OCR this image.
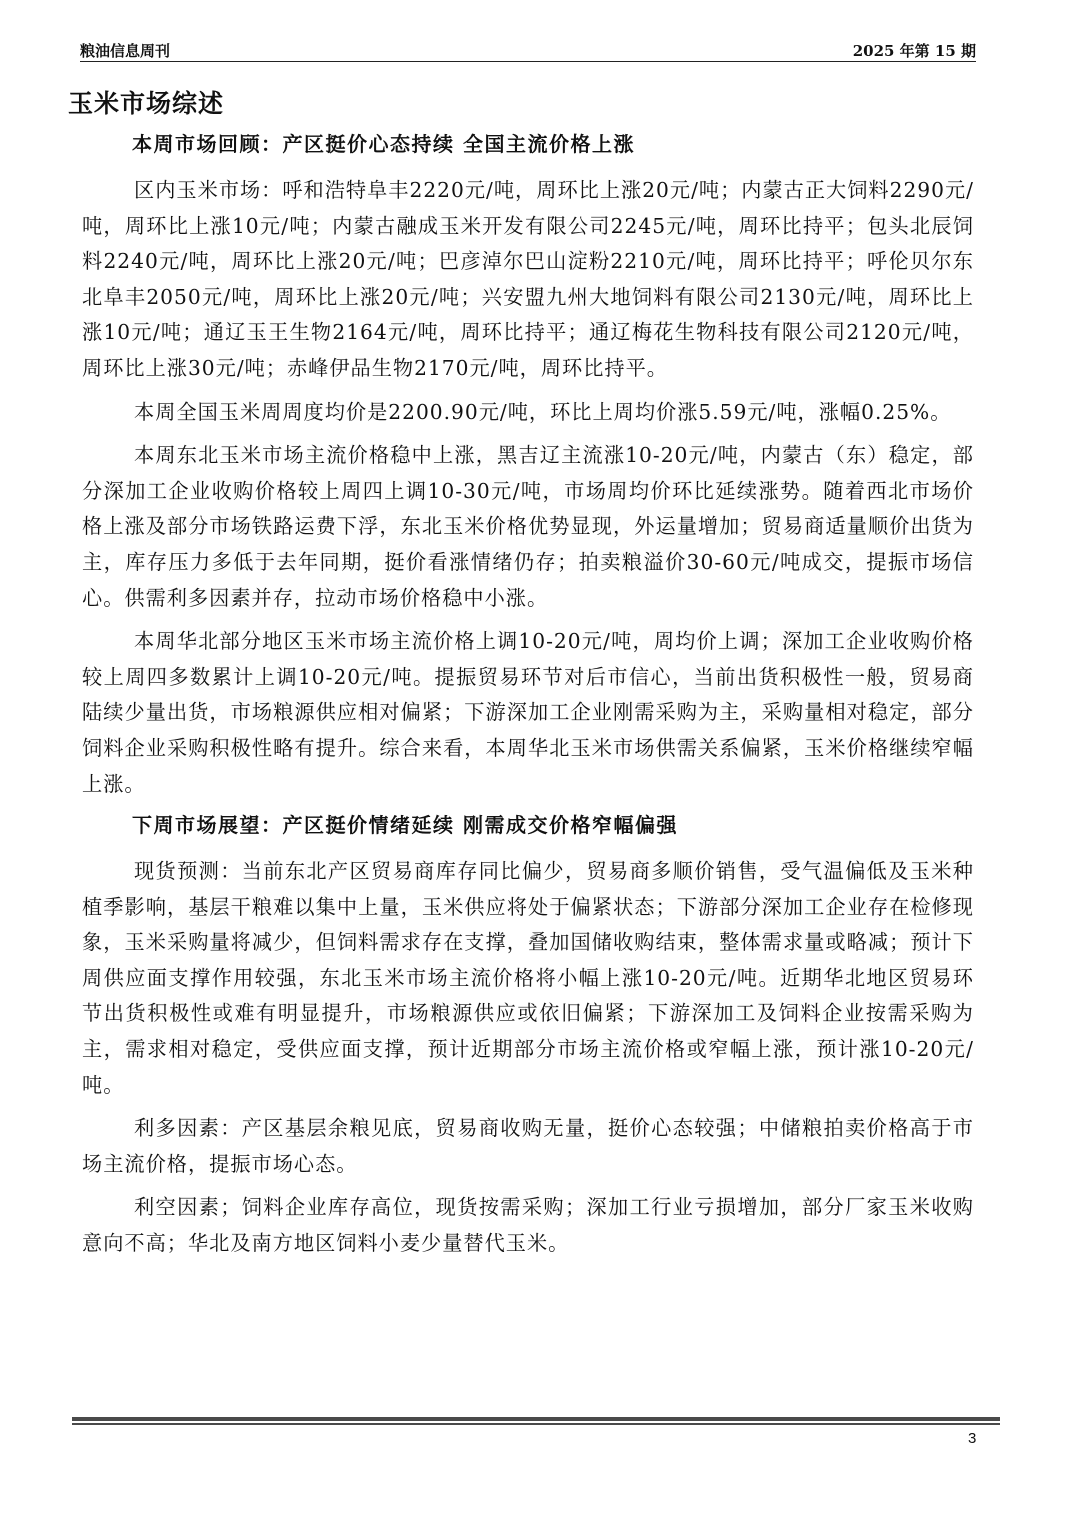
粮油信息周刊	2025 年第 15 期
玉米市场综述
本周市场回顾：产区挺价心态持续 全国主流价格上涨

区内玉米市场：呼和浩特阜丰2220元/吨，周环比上涨20元/吨；内蒙古正大饲料2290元/吨，周环比上涨10元/吨；内蒙古融成玉米开发有限公司2245元/吨，周环比持平；包头北辰饲料2240元/吨，周环比上涨20元/吨；巴彦淖尔巴山淀粉2210元/吨，周环比持平；呼伦贝尔东北阜丰2050元/吨，周环比上涨20元/吨；兴安盟九州大地饲料有限公司2130元/吨，周环比上涨10元/吨；通辽玉王生物2164元/吨，周环比持平；通辽梅花生物科技有限公司2120元/吨，周环比上涨30元/吨；赤峰伊品生物2170元/吨，周环比持平。

本周全国玉米周周度均价是2200.90元/吨，环比上周均价涨5.59元/吨，涨幅0.25%。

本周东北玉米市场主流价格稳中上涨，黑吉辽主流涨10-20元/吨，内蒙古（东）稳定，部分深加工企业收购价格较上周四上调10-30元/吨，市场周均价环比延续涨势。随着西北市场价格上涨及部分市场铁路运费下浮，东北玉米价格优势显现，外运量增加；贸易商适量顺价出货为主，库存压力多低于去年同期，挺价看涨情绪仍存；拍卖粮溢价30-60元/吨成交，提振市场信心。供需利多因素并存，拉动市场价格稳中小涨。

本周华北部分地区玉米市场主流价格上调10-20元/吨，周均价上调；深加工企业收购价格较上周四多数累计上调10-20元/吨。提振贸易环节对后市信心，当前出货积极性一般，贸易商陆续少量出货，市场粮源供应相对偏紧；下游深加工企业刚需采购为主，采购量相对稳定，部分饲料企业采购积极性略有提升。综合来看，本周华北玉米市场供需关系偏紧，玉米价格继续窄幅上涨。

下周市场展望：产区挺价情绪延续 刚需成交价格窄幅偏强

现货预测：当前东北产区贸易商库存同比偏少，贸易商多顺价销售，受气温偏低及玉米种植季影响，基层干粮难以集中上量，玉米供应将处于偏紧状态；下游部分深加工企业存在检修现象，玉米采购量将减少，但饲料需求存在支撑，叠加国储收购结束，整体需求量或略减；预计下周供应面支撑作用较强，东北玉米市场主流价格将小幅上涨10-20元/吨。近期华北地区贸易环节出货积极性或难有明显提升，市场粮源供应或依旧偏紧；下游深加工及饲料企业按需采购为主，需求相对稳定，受供应面支撑，预计近期部分市场主流价格或窄幅上涨，预计涨10-20元/吨。

利多因素：产区基层余粮见底，贸易商收购无量，挺价心态较强；中储粮拍卖价格高于市场主流价格，提振市场心态。

利空因素；饲料企业库存高位，现货按需采购；深加工行业亏损增加，部分厂家玉米收购意向不高；华北及南方地区饲料小麦少量替代玉米。

3
